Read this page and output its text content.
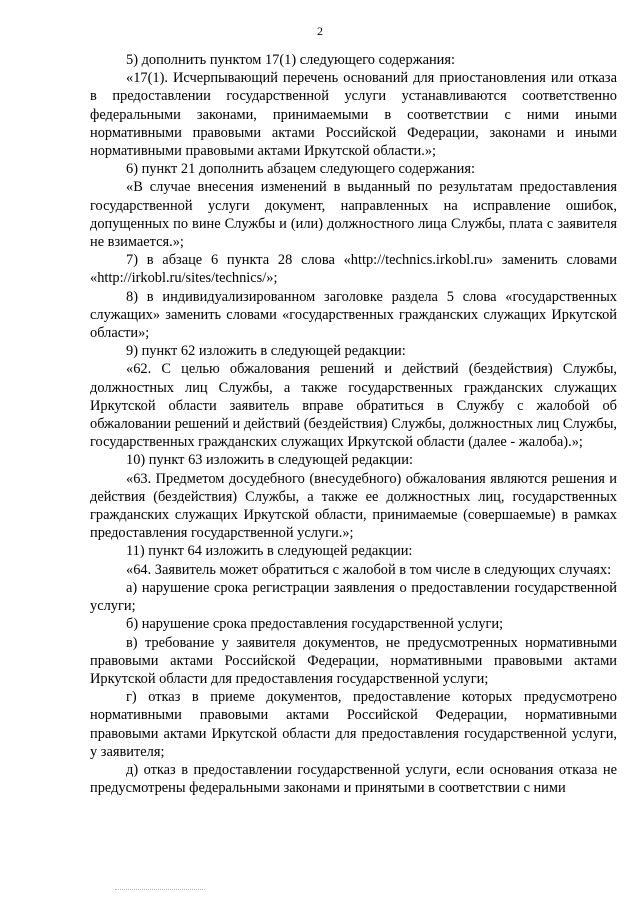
2

5) дополнить пунктом 17(1) следующего содержания:

«17(1). Исчерпывающий перечень оснований для приостановления или отказа в предоставлении государственной услуги устанавливаются соответственно федеральными законами, принимаемыми в соответствии с ними иными нормативными правовыми актами Российской Федерации, законами и иными нормативными правовыми актами Иркутской области.»;

6) пункт 21 дополнить абзацем следующего содержания:

«В случае внесения изменений в выданный по результатам предоставления государственной услуги документ, направленных на исправление ошибок, допущенных по вине Службы и (или) должностного лица Службы, плата с заявителя не взимается.»;

7) в абзаце 6 пункта 28 слова «http://technics.irkobl.ru» заменить словами «http://irkobl.ru/sites/technics/»;

8) в индивидуализированном заголовке раздела 5 слова «государственных служащих» заменить словами «государственных гражданских служащих Иркутской области»;

9) пункт 62 изложить в следующей редакции:

«62. С целью обжалования решений и действий (бездействия) Службы, должностных лиц Службы, а также государственных гражданских служащих Иркутской области заявитель вправе обратиться в Службу с жалобой об обжаловании решений и действий (бездействия) Службы, должностных лиц Службы, государственных гражданских служащих Иркутской области (далее - жалоба).»;

10) пункт 63 изложить в следующей редакции:

«63. Предметом досудебного (внесудебного) обжалования являются решения и действия (бездействия) Службы, а также ее должностных лиц, государственных гражданских служащих Иркутской области, принимаемые (совершаемые) в рамках предоставления государственной услуги.»;

11) пункт 64 изложить в следующей редакции:

«64. Заявитель может обратиться с жалобой в том числе в следующих случаях:

а) нарушение срока регистрации заявления о предоставлении государственной услуги;

б) нарушение срока предоставления государственной услуги;

в) требование у заявителя документов, не предусмотренных нормативными правовыми актами Российской Федерации, нормативными правовыми актами Иркутской области для предоставления государственной услуги;

г) отказ в приеме документов, предоставление которых предусмотрено нормативными правовыми актами Российской Федерации, нормативными правовыми актами Иркутской области для предоставления государственной услуги, у заявителя;

д) отказ в предоставлении государственной услуги, если основания отказа не предусмотрены федеральными законами и принятыми в соответствии с ними
